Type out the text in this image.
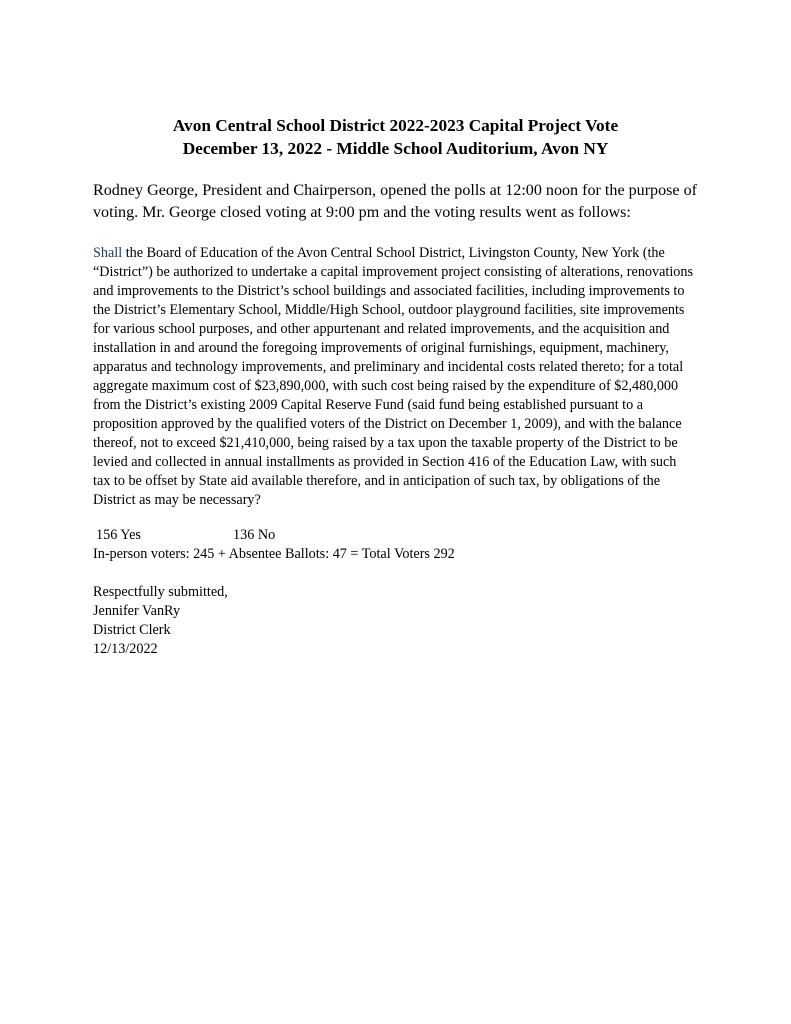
Avon Central School District 2022-2023 Capital Project Vote
December 13, 2022 - Middle School Auditorium, Avon NY
Rodney George, President and Chairperson, opened the polls at 12:00 noon for the purpose of
voting. Mr. George closed voting at 9:00 pm and the voting results went as follows:
Shall the Board of Education of the Avon Central School District, Livingston County, New York (the
“District”) be authorized to undertake a capital improvement project consisting of alterations, renovations
and improvements to the District’s school buildings and associated facilities, including improvements to
the District’s Elementary School, Middle/High School, outdoor playground facilities, site improvements
for various school purposes, and other appurtenant and related improvements, and the acquisition and
installation in and around the foregoing improvements of original furnishings, equipment, machinery,
apparatus and technology improvements, and preliminary and incidental costs related thereto; for a total
aggregate maximum cost of $23,890,000, with such cost being raised by the expenditure of $2,480,000
from the District’s existing 2009 Capital Reserve Fund (said fund being established pursuant to a
proposition approved by the qualified voters of the District on December 1, 2009), and with the balance
thereof, not to exceed $21,410,000, being raised by a tax upon the taxable property of the District to be
levied and collected in annual installments as provided in Section 416 of the Education Law, with such
tax to be offset by State aid available therefore, and in anticipation of such tax, by obligations of the
District as may be necessary?
156 Yes	136 No
In-person voters: 245 + Absentee Ballots: 47 = Total Voters 292
Respectfully submitted,
Jennifer VanRy
District Clerk
12/13/2022
